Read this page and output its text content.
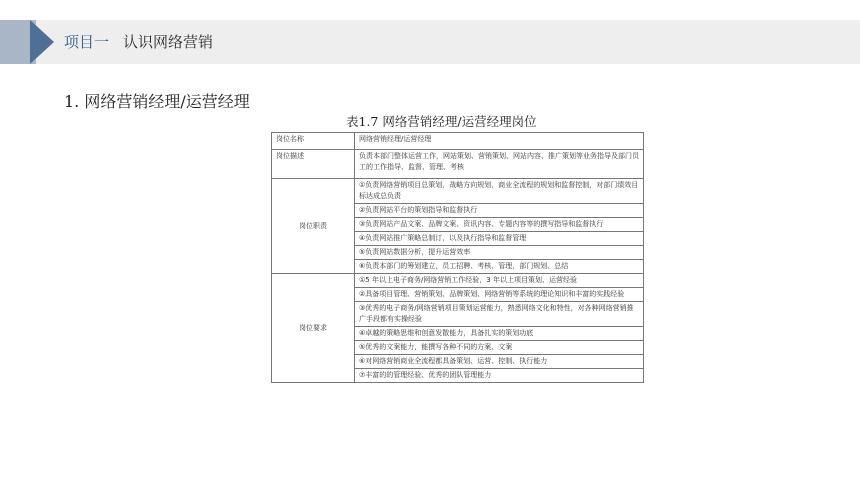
项目一 认识网络营销
1. 网络营销经理/运营经理
表1.7 网络营销经理/运营经理岗位
岗位名称	网络营销经理/运营经理
岗位描述	负责本部门整体运营工作，网站策划、营销策划、网站内容、推广策划等业务指导及部门员工的工作指导、监督、管理、考核
岗位职责	①负责网络营销项目总策划，战略方向规划，商业全流程的规划和监督控制，对部门绩效目标达成总负责
	②负责网站平台的策划指导和监督执行
	③负责网站产品文案、品牌文案、资讯内容、专题内容等的撰写指导和监督执行
	④负责网站推广策略总制订，以及执行指导和监督管理
	⑤负责网站数据分析，提升运营效率
	⑥负责本部门的筹划建立，员工招聘、考核、管理，部门规划、总结
岗位要求	①5 年以上电子商务/网络营销工作经验，3 年以上项目策划、运营经验
	②具备项目管理、营销策划、品牌策划、网络营销等系统的理论知识和丰富的实践经验
	③优秀的电子商务/网络营销项目策划运营能力，熟悉网络文化和特性，对各种网络营销推广手段都有实操经验
	④卓越的策略思维和创意发散能力，具备扎实的策划功底
	⑤优秀的文案能力，能撰写各种不同的方案、文案
	⑥对网络营销商业全流程都具备策划、运营、控制、执行能力
	⑦丰富的的管理经验、优秀的团队管理能力
